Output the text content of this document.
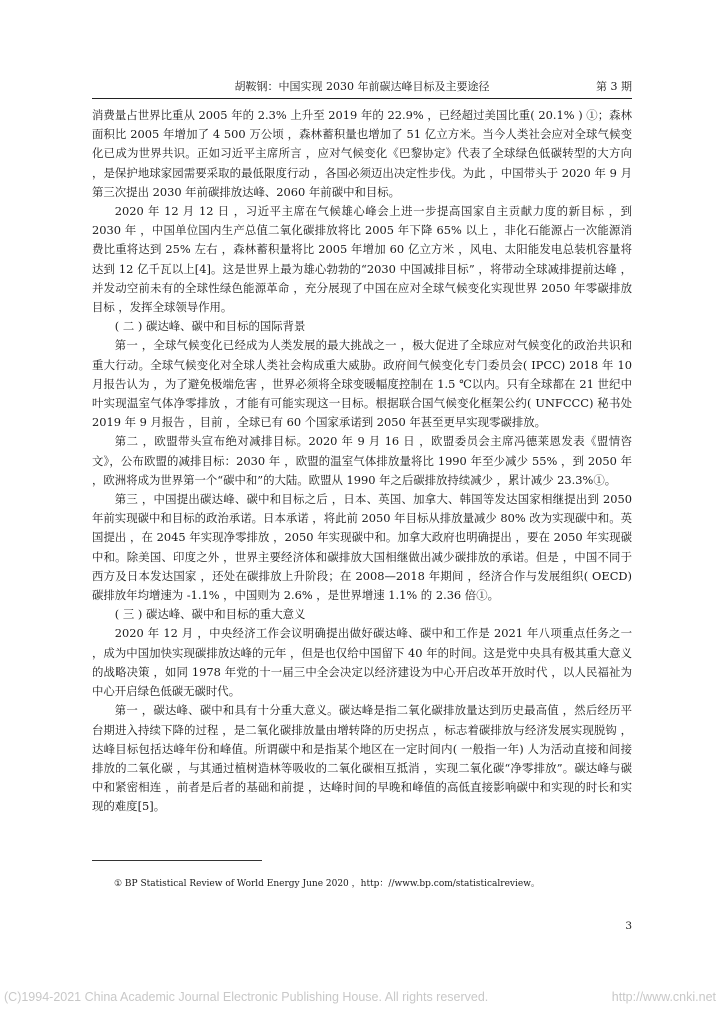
胡鞍钢：中国实现 2030 年前碳达峰目标及主要途径	第 3 期

消费量占世界比重从 2005 年的 2.3% 上升至 2019 年的 22.9% ，已经超过美国比重( 20.1% ) ①；森林面积比 2005 年增加了 4 500 万公顷 ，森林蓄积量也增加了 51 亿立方米。当今人类社会应对全球气候变化已成为世界共识。正如习近平主席所言 ，应对气候变化《巴黎协定》代表了全球绿色低碳转型的大方向 ，是保护地球家园需要采取的最低限度行动 ，各国必须迈出决定性步伐。为此 ，中国带头于 2020 年 9 月第三次提出 2030 年前碳排放达峰、2060 年前碳中和目标。

2020 年 12 月 12 日 ，习近平主席在气候雄心峰会上进一步提高国家自主贡献力度的新目标 ，到 2030 年 ，中国单位国内生产总值二氧化碳排放将比 2005 年下降 65% 以上 ，非化石能源占一次能源消费比重将达到 25% 左右 ，森林蓄积量将比 2005 年增加 60 亿立方米 ，风电、太阳能发电总装机容量将达到 12 亿千瓦以上[4]。这是世界上最为雄心勃勃的“2030 中国减排目标” ，将带动全球减排提前达峰 ，并发动空前未有的全球性绿色能源革命 ，充分展现了中国在应对全球气候变化实现世界 2050 年零碳排放目标 ，发挥全球领导作用。

( 二 ) 碳达峰、碳中和目标的国际背景

第一 ，全球气候变化已经成为人类发展的最大挑战之一 ，极大促进了全球应对气候变化的政治共识和重大行动。全球气候变化对全球人类社会构成重大威胁。政府间气候变化专门委员会( IPCC) 2018 年 10 月报告认为 ，为了避免极端危害 ，世界必须将全球变暖幅度控制在 1.5 ℃以内。只有全球都在 21 世纪中叶实现温室气体净零排放 ，才能有可能实现这一目标。根据联合国气候变化框架公约( UNFCCC) 秘书处 2019 年 9 月报告 ，目前 ，全球已有 60 个国家承诺到 2050 年甚至更早实现零碳排放。

第二 ，欧盟带头宣布绝对减排目标。2020 年 9 月 16 日 ，欧盟委员会主席冯德莱恩发表《盟情咨文》，公布欧盟的减排目标：2030 年 ，欧盟的温室气体排放量将比 1990 年至少减少 55% ，到 2050 年 ，欧洲将成为世界第一个“碳中和”的大陆。欧盟从 1990 年之后碳排放持续减少 ，累计减少 23.3%①。

第三 ，中国提出碳达峰、碳中和目标之后 ，日本、英国、加拿大、韩国等发达国家相继提出到 2050 年前实现碳中和目标的政治承诺。日本承诺 ，将此前 2050 年目标从排放量减少 80% 改为实现碳中和。英国提出 ，在 2045 年实现净零排放 ，2050 年实现碳中和。加拿大政府也明确提出 ，要在 2050 年实现碳中和。除美国、印度之外 ，世界主要经济体和碳排放大国相继做出减少碳排放的承诺。但是 ，中国不同于西方及日本发达国家 ，还处在碳排放上升阶段；在 2008—2018 年期间 ，经济合作与发展组织( OECD) 碳排放年均增速为 -1.1% ，中国则为 2.6% ，是世界增速 1.1% 的 2.36 倍①。

( 三 ) 碳达峰、碳中和目标的重大意义

2020 年 12 月 ，中央经济工作会议明确提出做好碳达峰、碳中和工作是 2021 年八项重点任务之一 ，成为中国加快实现碳排放达峰的元年 ，但是也仅给中国留下 40 年的时间。这是党中央具有极其重大意义的战略决策 ，如同 1978 年党的十一届三中全会决定以经济建设为中心开启改革开放时代 ，以人民福祉为中心开启绿色低碳无碳时代。

第一 ，碳达峰、碳中和具有十分重大意义。碳达峰是指二氧化碳排放量达到历史最高值 ，然后经历平台期进入持续下降的过程 ，是二氧化碳排放量由增转降的历史拐点 ，标志着碳排放与经济发展实现脱钩 ，达峰目标包括达峰年份和峰值。所谓碳中和是指某个地区在一定时间内( 一般指一年) 人为活动直接和间接排放的二氧化碳 ，与其通过植树造林等吸收的二氧化碳相互抵消 ，实现二氧化碳“净零排放”。碳达峰与碳中和紧密相连 ，前者是后者的基础和前提 ，达峰时间的早晚和峰值的高低直接影响碳中和实现的时长和实现的难度[5]。

① BP Statistical Review of World Energy June 2020 ，http：//www.bp.com/statisticalreview。
3
(C)1994-2021 China Academic Journal Electronic Publishing House. All rights reserved.	http://www.cnki.net
